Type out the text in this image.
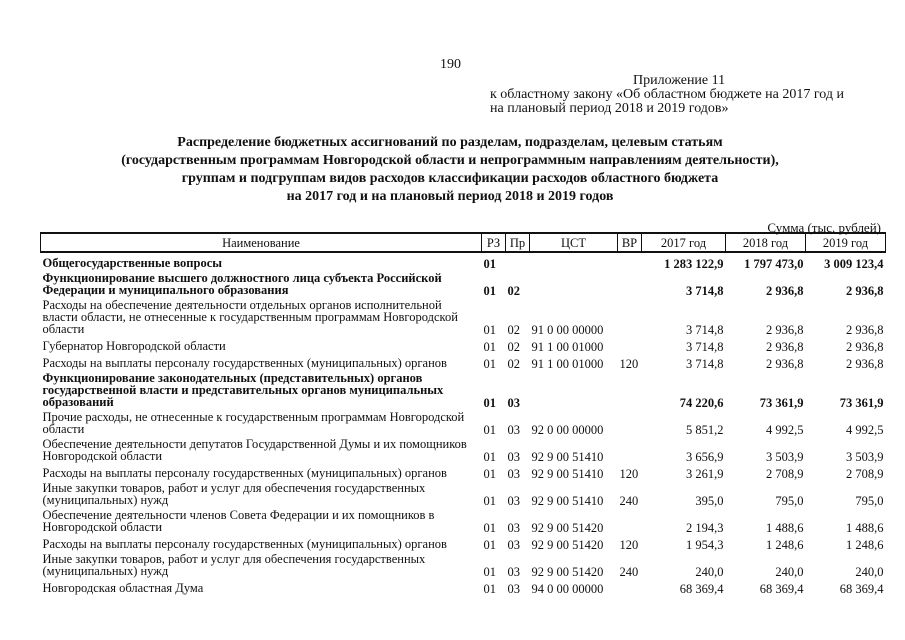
190
Приложение 11
к областному закону «Об областном бюджете на 2017 год и
на плановый период 2018 и 2019 годов»
Распределение бюджетных ассигнований по разделам, подразделам, целевым статьям
(государственным программам Новгородской области и непрограммным направлениям деятельности),
группам и подгруппам видов расходов классификации расходов областного бюджета
на 2017 год и на плановый период 2018 и 2019 годов
Сумма (тыс. рублей)
Наименование	РЗ	Пр	ЦСТ	ВР	2017 год	2018 год	2019 год
Общегосударственные вопросы	01				1 283 122,9	1 797 473,0	3 009 123,4
Функционирование высшего должностного лица субъекта Российской Федерации и муниципального образования	01	02			3 714,8	2 936,8	2 936,8
Расходы на обеспечение деятельности отдельных органов исполнительной власти области, не отнесенные к государственным программам Новгородской области	01	02	91 0 00 00000		3 714,8	2 936,8	2 936,8
Губернатор Новгородской области	01	02	91 1 00 01000		3 714,8	2 936,8	2 936,8
Расходы на выплаты персоналу государственных (муниципальных) органов	01	02	91 1 00 01000	120	3 714,8	2 936,8	2 936,8
Функционирование законодательных (представительных) органов государственной власти и представительных органов муниципальных образований	01	03			74 220,6	73 361,9	73 361,9
Прочие расходы, не отнесенные к государственным программам Новгородской области	01	03	92 0 00 00000		5 851,2	4 992,5	4 992,5
Обеспечение деятельности депутатов Государственной Думы и их помощников Новгородской области	01	03	92 9 00 51410		3 656,9	3 503,9	3 503,9
Расходы на выплаты персоналу государственных (муниципальных) органов	01	03	92 9 00 51410	120	3 261,9	2 708,9	2 708,9
Иные закупки товаров, работ и услуг для обеспечения государственных (муниципальных) нужд	01	03	92 9 00 51410	240	395,0	795,0	795,0
Обеспечение деятельности членов Совета Федерации и их помощников в Новгородской области	01	03	92 9 00 51420		2 194,3	1 488,6	1 488,6
Расходы на выплаты персоналу государственных (муниципальных) органов	01	03	92 9 00 51420	120	1 954,3	1 248,6	1 248,6
Иные закупки товаров, работ и услуг для обеспечения государственных (муниципальных) нужд	01	03	92 9 00 51420	240	240,0	240,0	240,0
Новгородская областная Дума	01	03	94 0 00 00000		68 369,4	68 369,4	68 369,4
